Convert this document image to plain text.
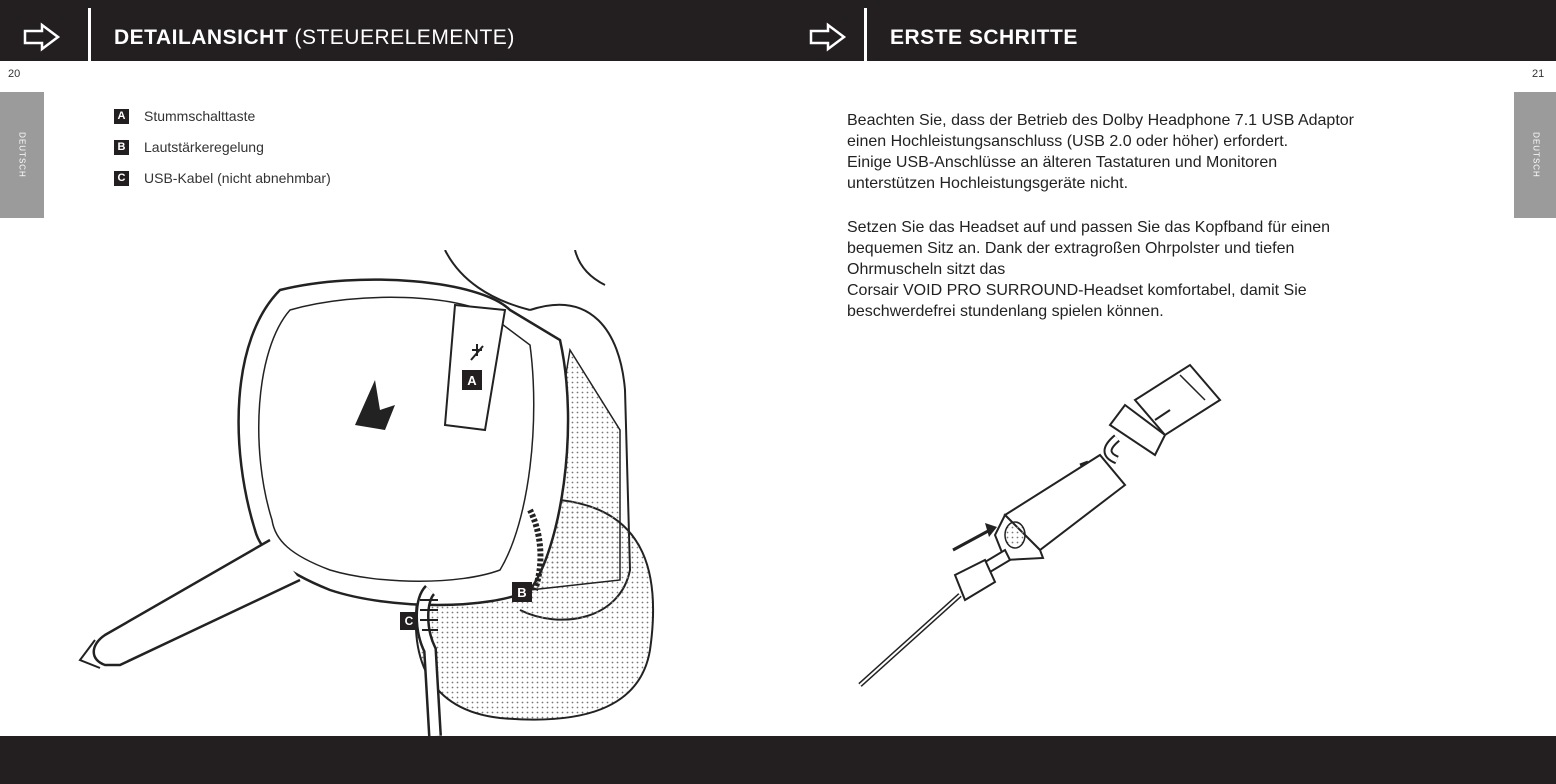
DETAILANSICHT (STEUERELEMENTE)	ERSTE SCHRITTE
20	21
DEUTSCH	DEUTSCH
A Stummschalttaste
B Lautstärkeregelung
C USB-Kabel (nicht abnehmbar)
A
B
C

Beachten Sie, dass der Betrieb des Dolby Headphone 7.1 USB Adaptor

einen Hochleistungsanschluss (USB 2.0 oder höher) erfordert.

Einige USB-Anschlüsse an älteren Tastaturen und Monitoren

unterstützen Hochleistungsgeräte nicht.

Setzen Sie das Headset auf und passen Sie das Kopfband für einen

bequemen Sitz an. Dank der extragroßen Ohrpolster und tiefen

Ohrmuscheln sitzt das

Corsair VOID PRO SURROUND-Headset komfortabel, damit Sie

beschwerdefrei stundenlang spielen können.
